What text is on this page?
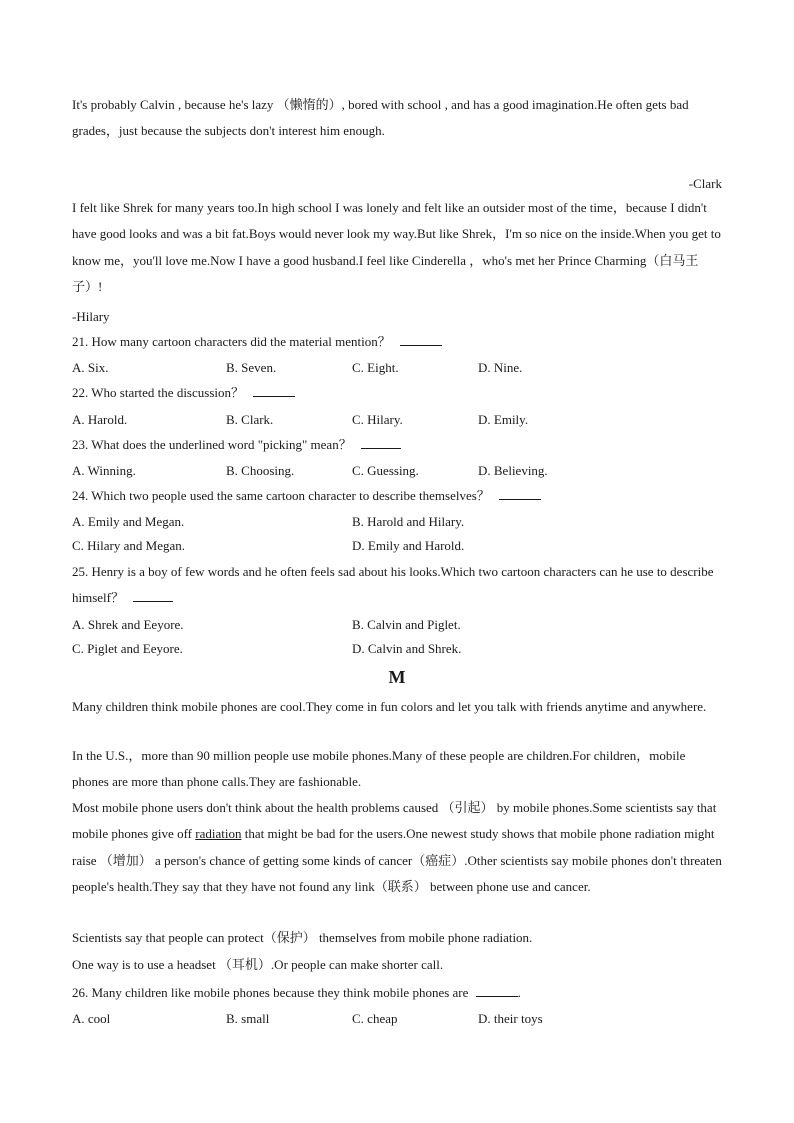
It's probably Calvin , because he's lazy （懒惰的）, bored with school , and has a good imagination.He often gets bad grades，just because the subjects don't interest him enough.
-Clark
I felt like Shrek for many years too.In high school I was lonely and felt like an outsider most of the time，because I didn't have good looks and was a bit fat.Boys would never look my way.But like Shrek，I'm so nice on the inside.When you get to know me，you'll love me.Now I have a good husband.I feel like Cinderella ，who's met her Prince Charming（白马王子）!
-Hilary
21. How many cartoon characters did the material mention？
A. Six.	B. Seven.	C. Eight.	D. Nine.
22. Who started the discussion？
A. Harold.	B. Clark.	C. Hilary.	D. Emily.
23. What does the underlined word "picking" mean？
A. Winning.	B. Choosing.	C. Guessing.	D. Believing.
24. Which two people used the same cartoon character to describe themselves？
A. Emily and Megan.	B. Harold and Hilary.
C. Hilary and Megan.	D. Emily and Harold.
25. Henry is a boy of few words and he often feels sad about his looks.Which two cartoon characters can he use to describe himself？
A. Shrek and Eeyore.	B. Calvin and Piglet.
C. Piglet and Eeyore.	D. Calvin and Shrek.
M
Many children think mobile phones are cool.They come in fun colors and let you talk with friends anytime and anywhere.
In the U.S.，more than 90 million people use mobile phones.Many of these people are children.For children，mobile phones are more than phone calls.They are fashionable.
Most mobile phone users don't think about the health problems caused （引起） by mobile phones.Some scientists say that mobile phones give off radiation that might be bad for the users.One newest study shows that mobile phone radiation might raise （增加） a person's chance of getting some kinds of cancer（癌症）.Other scientists say mobile phones don't threaten people's health.They say that they have not found any link（联系） between phone use and cancer.
Scientists say that people can protect（保护） themselves from mobile phone radiation.
One way is to use a headset （耳机）.Or people can make shorter call.
26. Many children like mobile phones because they think mobile phones are	.
A. cool	B. small	C. cheap	D. their toys
